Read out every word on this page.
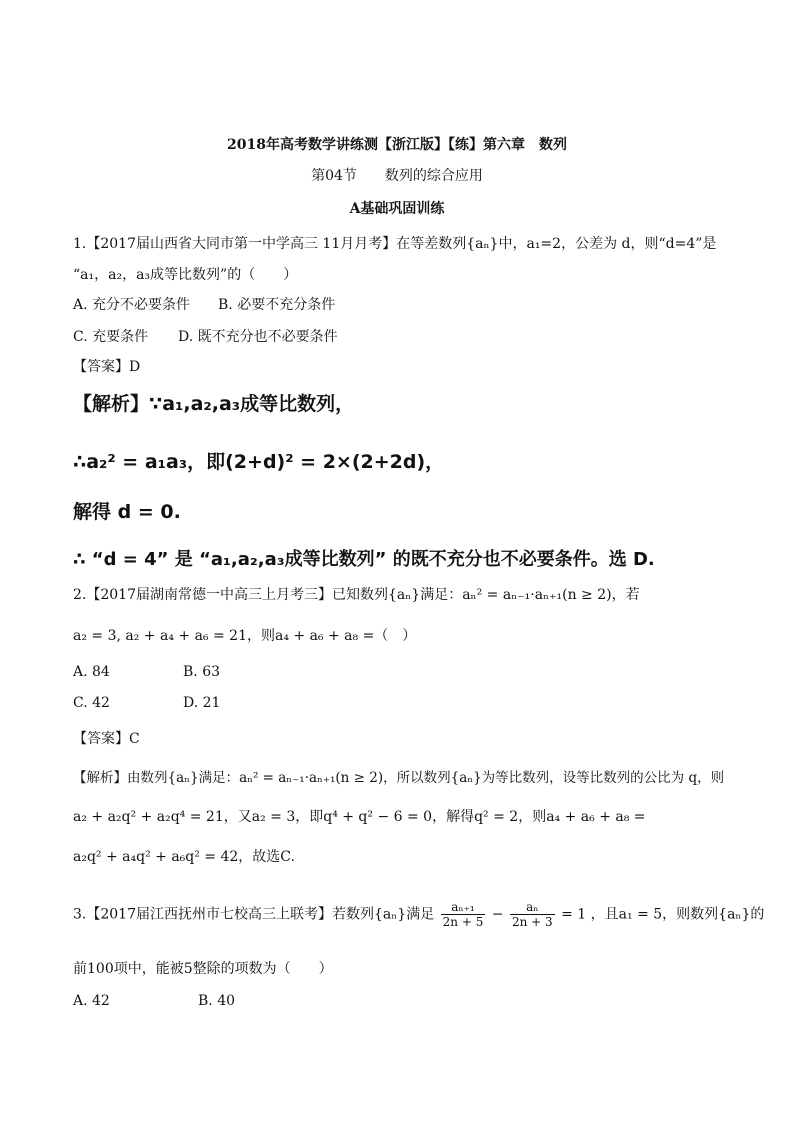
2018年高考数学讲练测【浙江版】【练】第六章　数列
第04节　　数列的综合应用
A基础巩固训练
1.【2017届山西省大同市第一中学高三 11月月考】在等差数列{aₙ}中，a₁=2，公差为 d，则“d=4”是
“a₁，a₂，a₃成等比数列”的（　　）
A. 充分不必要条件 B. 必要不充分条件
C. 充要条件 D. 既不充分也不必要条件
【答案】D
【解析】∵a₁,a₂,a₃成等比数列，
∴a₂² = a₁a₃，即(2+d)² = 2×(2+2d)，
解得 d = 0.
∴ “d = 4” 是 “a₁,a₂,a₃成等比数列” 的既不充分也不必要条件。选 D.
2.【2017届湖南常德一中高三上月考三】已知数列{aₙ}满足：aₙ² = aₙ₋₁·aₙ₊₁(n ≥ 2)，若
a₂ = 3, a₂ + a₄ + a₆ = 21，则a₄ + a₆ + a₈ =（　）
A. 84	B. 63
C. 42	D. 21
【答案】C
【解析】由数列{aₙ}满足：aₙ² = aₙ₋₁·aₙ₊₁(n ≥ 2)，所以数列{aₙ}为等比数列，设等比数列的公比为 q，则
a₂ + a₂q² + a₂q⁴ = 21，又a₂ = 3，即q⁴ + q² − 6 = 0，解得q² = 2，则a₄ + a₆ + a₈ =
a₂q² + a₄q² + a₆q² = 42，故选C.
3.【2017届江西抚州市七校高三上联考】若数列{aₙ}满足 $\frac{\text{aₙ₊₁}}{2n + 5} - \frac{\text{aₙ}}{2n + 3} = 1$ ，且a₁ = 5，则数列{aₙ}的
前100项中，能被5整除的项数为（　　）
A. 42	B. 40
